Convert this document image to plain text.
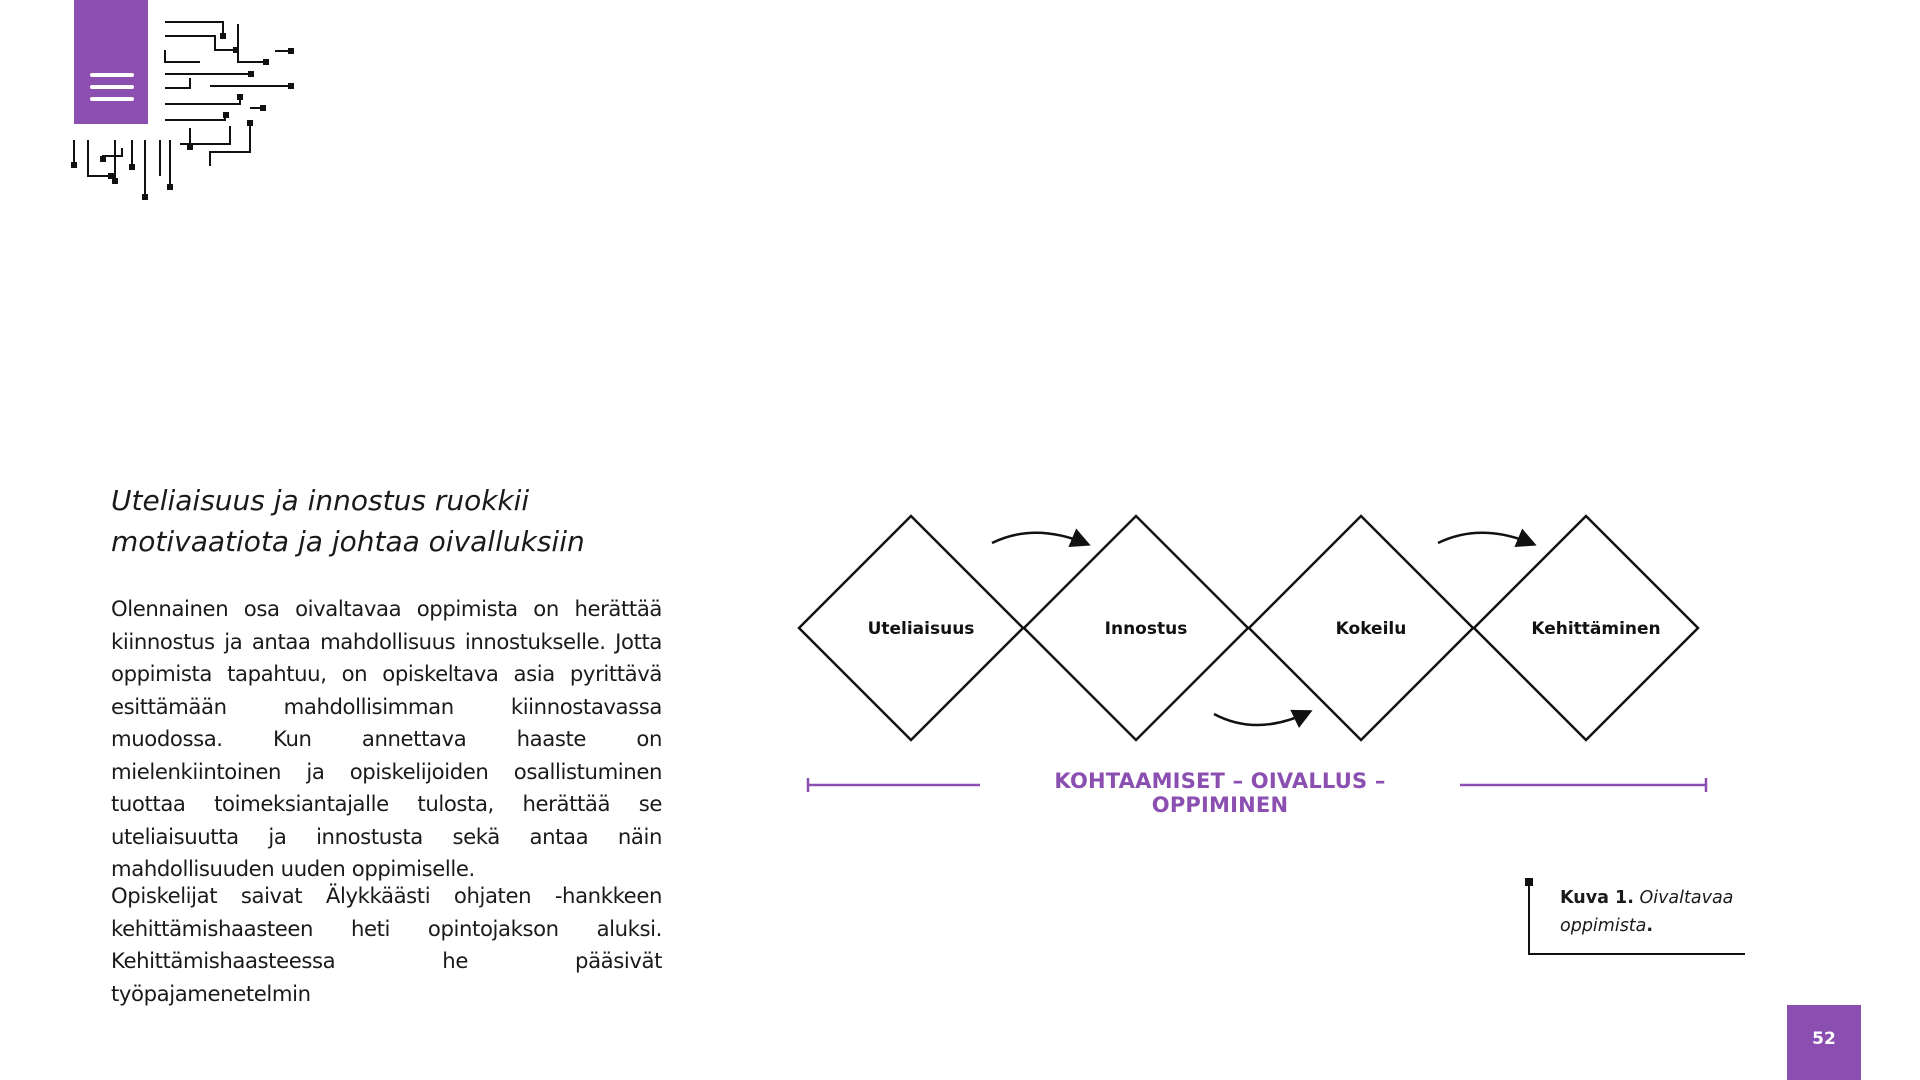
Uteliaisuus ja innostus ruokkii motivaatiota ja johtaa oivalluksiin

Olennainen osa oivaltavaa oppimista on herättää kiinnostus ja antaa mahdollisuus innostukselle. Jotta oppimista tapahtuu, on opiskeltava asia pyrittävä esittämään mahdollisimman kiinnostavassa muodossa. Kun annettava haaste on mielenkiintoinen ja opiskelijoiden osallistuminen tuottaa toimeksiantajalle tulosta, herättää se uteliaisuutta ja innostusta sekä antaa näin mahdollisuuden uuden oppimiselle.

Opiskelijat saivat Älykkäästi ohjaten -hankkeen kehittämishaasteen heti opintojakson aluksi. Kehittämishaasteessa he pääsivät työpajamenetelmin

Uteliaisuus	Innostus	Kokeilu	Kehittäminen
KOHTAAMISET – OIVALLUS – OPPIMINEN
Kuva 1. Oivaltavaa oppimista.
52
